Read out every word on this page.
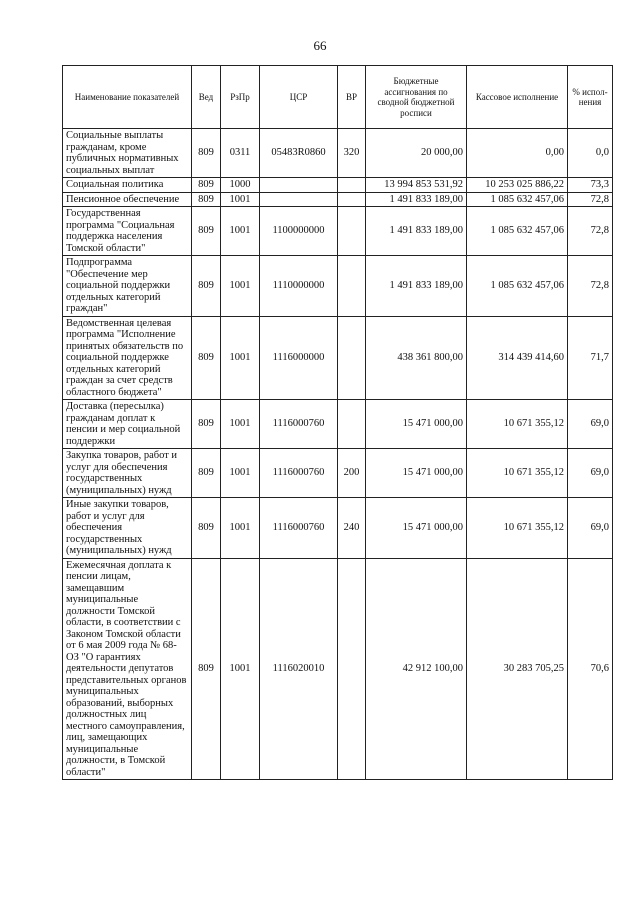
66
Наименование показателей	Вед	РзПр	ЦСР	ВР	Бюджетные ассигнования по сводной бюджетной росписи	Кассовое исполнение	% испол-нения
Социальные выплаты гражданам, кроме публичных нормативных социальных выплат	809	0311	05483R0860	320	20 000,00	0,00	0,0
Социальная политика	809	1000			13 994 853 531,92	10 253 025 886,22	73,3
Пенсионное обеспечение	809	1001			1 491 833 189,00	1 085 632 457,06	72,8
Государственная программа "Социальная поддержка населения Томской области"	809	1001	1100000000		1 491 833 189,00	1 085 632 457,06	72,8
Подпрограмма "Обеспечение мер социальной поддержки отдельных категорий граждан"	809	1001	1110000000		1 491 833 189,00	1 085 632 457,06	72,8
Ведомственная целевая программа "Исполнение принятых обязательств по социальной поддержке отдельных категорий граждан за счет средств областного бюджета"	809	1001	1116000000		438 361 800,00	314 439 414,60	71,7
Доставка (пересылка) гражданам доплат к пенсии и мер социальной поддержки	809	1001	1116000760		15 471 000,00	10 671 355,12	69,0
Закупка товаров, работ и услуг для обеспечения государственных (муниципальных) нужд	809	1001	1116000760	200	15 471 000,00	10 671 355,12	69,0
Иные закупки товаров, работ и услуг для обеспечения государственных (муниципальных) нужд	809	1001	1116000760	240	15 471 000,00	10 671 355,12	69,0
Ежемесячная доплата к пенсии лицам, замещавшим муниципальные должности Томской области, в соответствии с Законом Томской области от 6 мая 2009 года № 68-ОЗ "О гарантиях деятельности депутатов представительных органов муниципальных образований, выборных должностных лиц местного самоуправления, лиц, замещающих муниципальные должности, в Томской области"	809	1001	1116020010		42 912 100,00	30 283 705,25	70,6
